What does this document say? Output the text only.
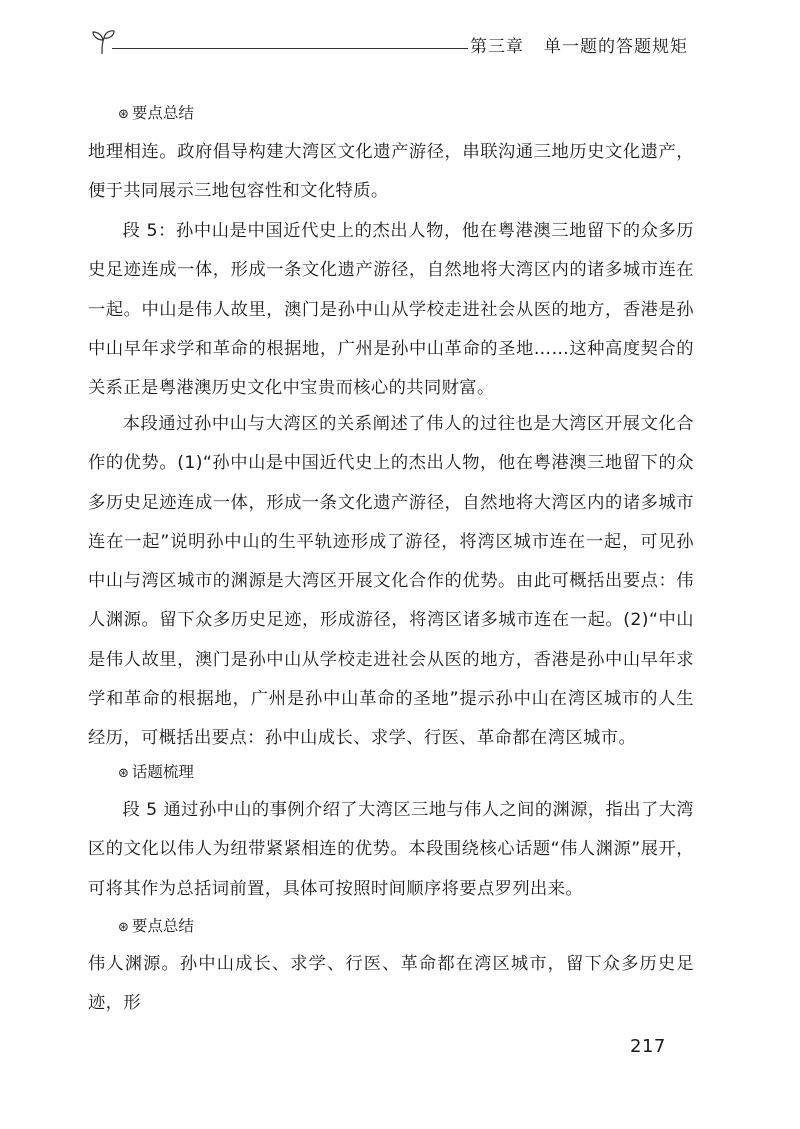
第三章 单一题的答题规矩
⊛ 要点总结
地理相连。政府倡导构建大湾区文化遗产游径，串联沟通三地历史文化遗产，便于共同展示三地包容性和文化特质。
段 5：孙中山是中国近代史上的杰出人物，他在粤港澳三地留下的众多历史足迹连成一体，形成一条文化遗产游径，自然地将大湾区内的诸多城市连在一起。中山是伟人故里，澳门是孙中山从学校走进社会从医的地方，香港是孙中山早年求学和革命的根据地，广州是孙中山革命的圣地……这种高度契合的关系正是粤港澳历史文化中宝贵而核心的共同财富。
本段通过孙中山与大湾区的关系阐述了伟人的过往也是大湾区开展文化合作的优势。(1)“孙中山是中国近代史上的杰出人物，他在粤港澳三地留下的众多历史足迹连成一体，形成一条文化遗产游径，自然地将大湾区内的诸多城市连在一起”说明孙中山的生平轨迹形成了游径，将湾区城市连在一起，可见孙中山与湾区城市的渊源是大湾区开展文化合作的优势。由此可概括出要点：伟人渊源。留下众多历史足迹，形成游径，将湾区诸多城市连在一起。(2)“中山是伟人故里，澳门是孙中山从学校走进社会从医的地方，香港是孙中山早年求学和革命的根据地，广州是孙中山革命的圣地”提示孙中山在湾区城市的人生经历，可概括出要点：孙中山成长、求学、行医、革命都在湾区城市。
⊛ 话题梳理
段 5 通过孙中山的事例介绍了大湾区三地与伟人之间的渊源，指出了大湾区的文化以伟人为纽带紧紧相连的优势。本段围绕核心话题“伟人渊源”展开，可将其作为总括词前置，具体可按照时间顺序将要点罗列出来。
⊛ 要点总结
伟人渊源。孙中山成长、求学、行医、革命都在湾区城市，留下众多历史足迹，形
217
